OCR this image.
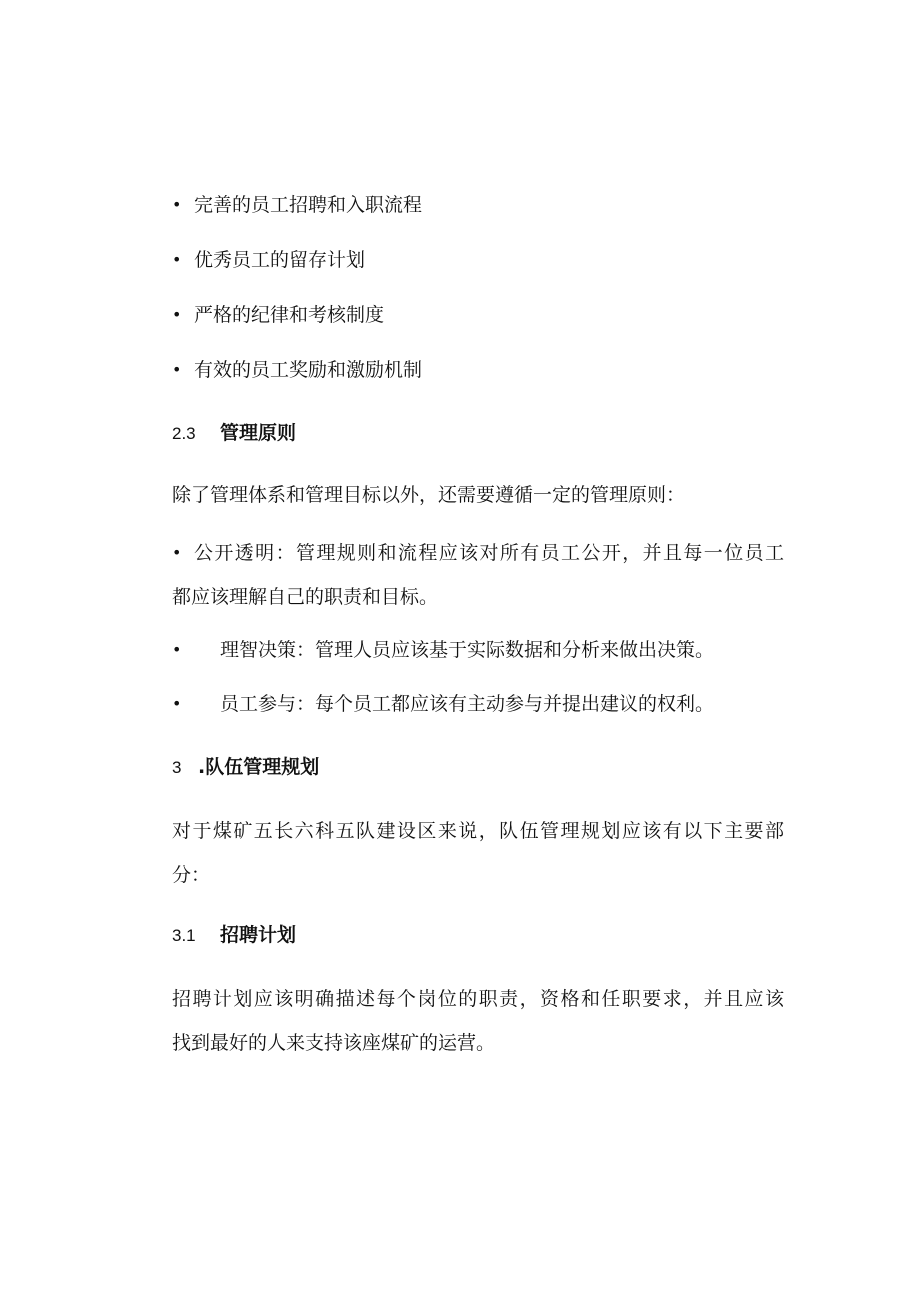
• 完善的员工招聘和入职流程
• 优秀员工的留存计划
• 严格的纪律和考核制度
• 有效的员工奖励和激励机制
2.3 管理原则
除了管理体系和管理目标以外，还需要遵循一定的管理原则：
• 公开透明：管理规则和流程应该对所有员工公开，并且每一位员工
都应该理解自己的职责和目标。
• 理智决策：管理人员应该基于实际数据和分析来做出决策。
• 员工参与：每个员工都应该有主动参与并提出建议的权利。
3 .队伍管理规划
对于煤矿五长六科五队建设区来说，队伍管理规划应该有以下主要部
分：
3.1 招聘计划
招聘计划应该明确描述每个岗位的职责，资格和任职要求，并且应该
找到最好的人来支持该座煤矿的运营。
